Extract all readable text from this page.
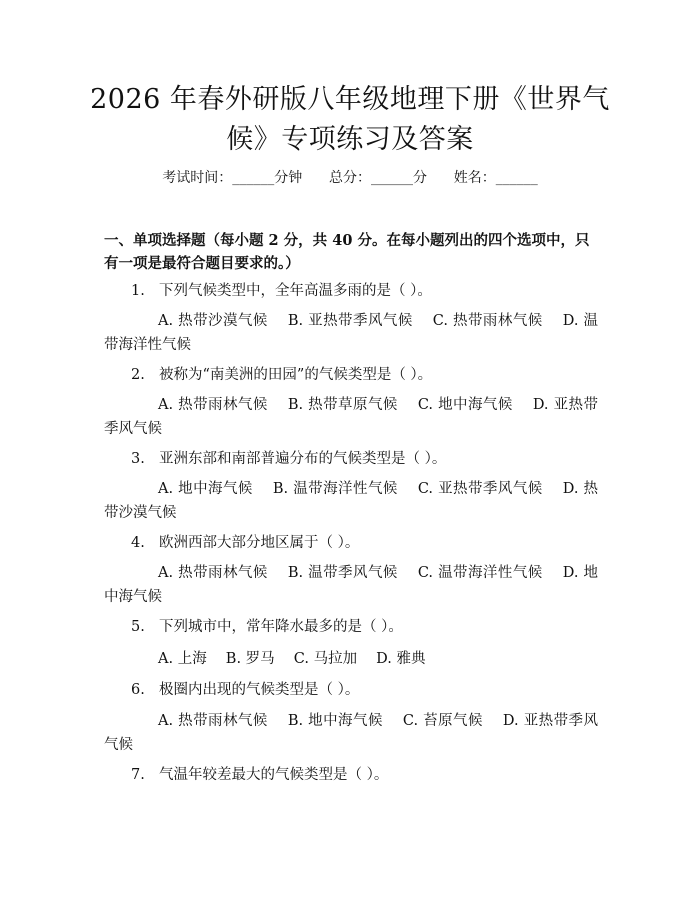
2026 年春外研版八年级地理下册《世界气
候》专项练习及答案
考试时间：______分钟 总分：______分 姓名：______
一、单项选择题（每小题 2 分，共 40 分。在每小题列出的四个选项中，只有一项是最符合题目要求的。）
1. 下列气候类型中，全年高温多雨的是（ ）。
A. 热带沙漠气候　 B. 亚热带季风气候　 C. 热带雨林气候　 D. 温带海洋性气候
2. 被称为“南美洲的田园”的气候类型是（ ）。
A. 热带雨林气候　 B. 热带草原气候　 C. 地中海气候　 D. 亚热带季风气候
3. 亚洲东部和南部普遍分布的气候类型是（ ）。
A. 地中海气候　 B. 温带海洋性气候　 C. 亚热带季风气候　 D. 热带沙漠气候
4. 欧洲西部大部分地区属于（ ）。
A. 热带雨林气候　 B. 温带季风气候　 C. 温带海洋性气候　 D. 地中海气候
5. 下列城市中，常年降水最多的是（ ）。
A. 上海　 B. 罗马　 C. 马拉加　 D. 雅典
6. 极圈内出现的气候类型是（ ）。
A. 热带雨林气候　 B. 地中海气候　 C. 苔原气候　 D. 亚热带季风气候
7. 气温年较差最大的气候类型是（ ）。
